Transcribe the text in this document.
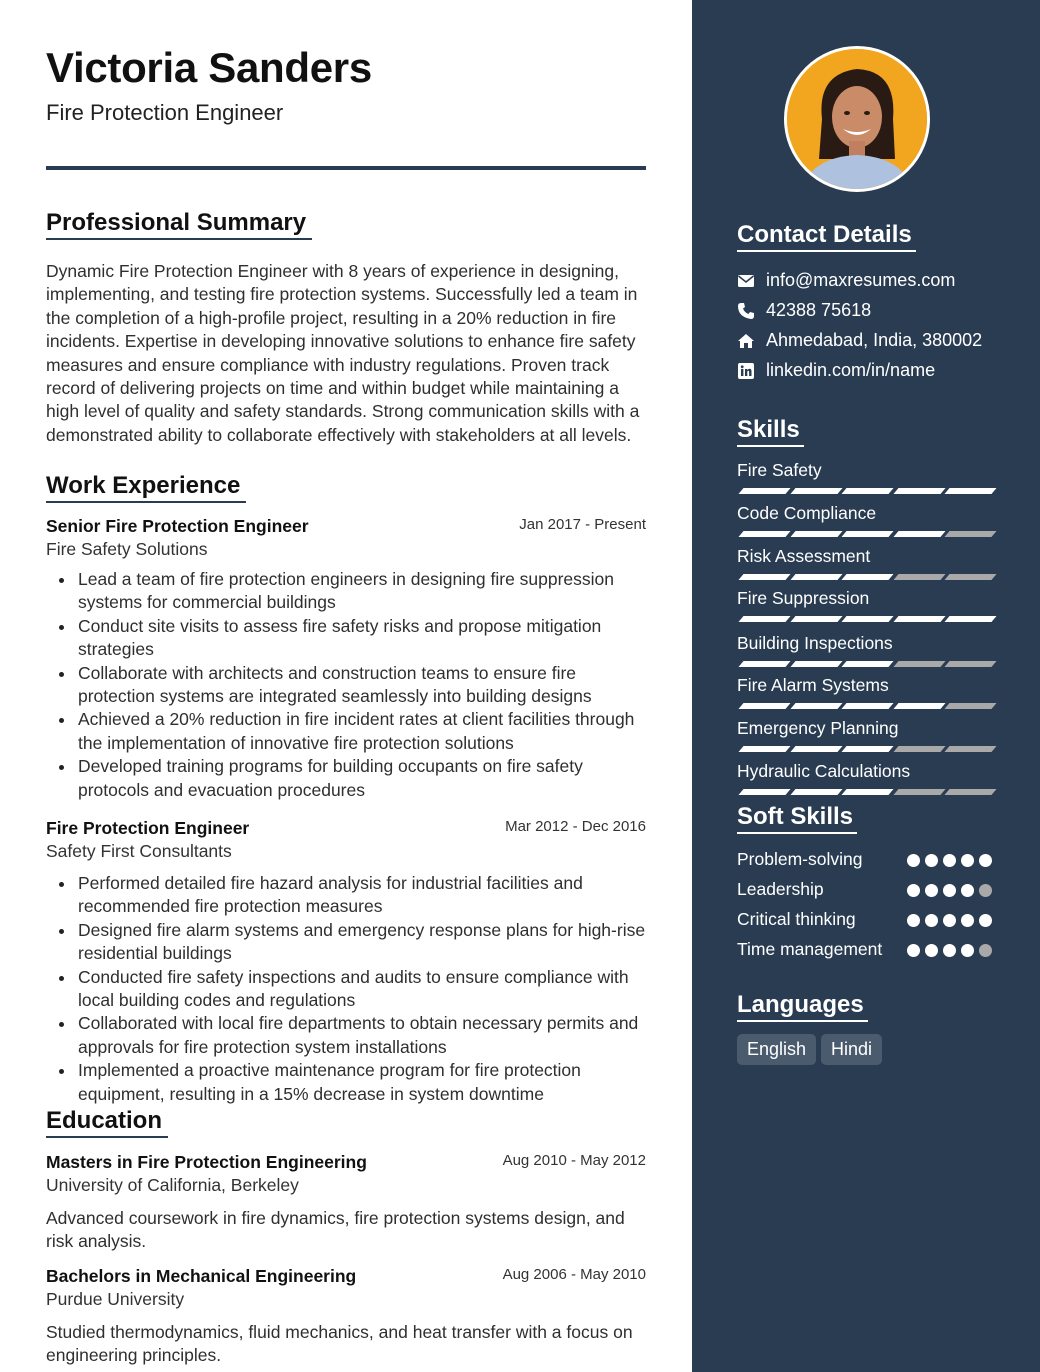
Victoria Sanders
Fire Protection Engineer
Professional Summary

Dynamic Fire Protection Engineer with 8 years of experience in designing, implementing, and testing fire protection systems. Successfully led a team in the completion of a high-profile project, resulting in a 20% reduction in fire incidents. Expertise in developing innovative solutions to enhance fire safety measures and ensure compliance with industry regulations. Proven track record of delivering projects on time and within budget while maintaining a high level of quality and safety standards. Strong communication skills with a demonstrated ability to collaborate effectively with stakeholders at all levels.

Work Experience
Senior Fire Protection Engineer	Jan 2017 - Present
Fire Safety Solutions
Lead a team of fire protection engineers in designing fire suppression systems for commercial buildings
Conduct site visits to assess fire safety risks and propose mitigation strategies
Collaborate with architects and construction teams to ensure fire protection systems are integrated seamlessly into building designs
Achieved a 20% reduction in fire incident rates at client facilities through the implementation of innovative fire protection solutions
Developed training programs for building occupants on fire safety protocols and evacuation procedures
Fire Protection Engineer	Mar 2012 - Dec 2016
Safety First Consultants
Performed detailed fire hazard analysis for industrial facilities and recommended fire protection measures
Designed fire alarm systems and emergency response plans for high-rise residential buildings
Conducted fire safety inspections and audits to ensure compliance with local building codes and regulations
Collaborated with local fire departments to obtain necessary permits and approvals for fire protection system installations
Implemented a proactive maintenance program for fire protection equipment, resulting in a 15% decrease in system downtime
Education
Masters in Fire Protection Engineering	Aug 2010 - May 2012
University of California, Berkeley
Advanced coursework in fire dynamics, fire protection systems design, and risk analysis.
Bachelors in Mechanical Engineering	Aug 2006 - May 2010
Purdue University
Studied thermodynamics, fluid mechanics, and heat transfer with a focus on engineering principles.
Contact Details
info@maxresumes.com
42388 75618
Ahmedabad, India, 380002
linkedin.com/in/name
Skills
Fire Safety
Code Compliance
Risk Assessment
Fire Suppression
Building Inspections
Fire Alarm Systems
Emergency Planning
Hydraulic Calculations
Soft Skills
Problem-solving
Leadership
Critical thinking
Time management
Languages
English	Hindi
